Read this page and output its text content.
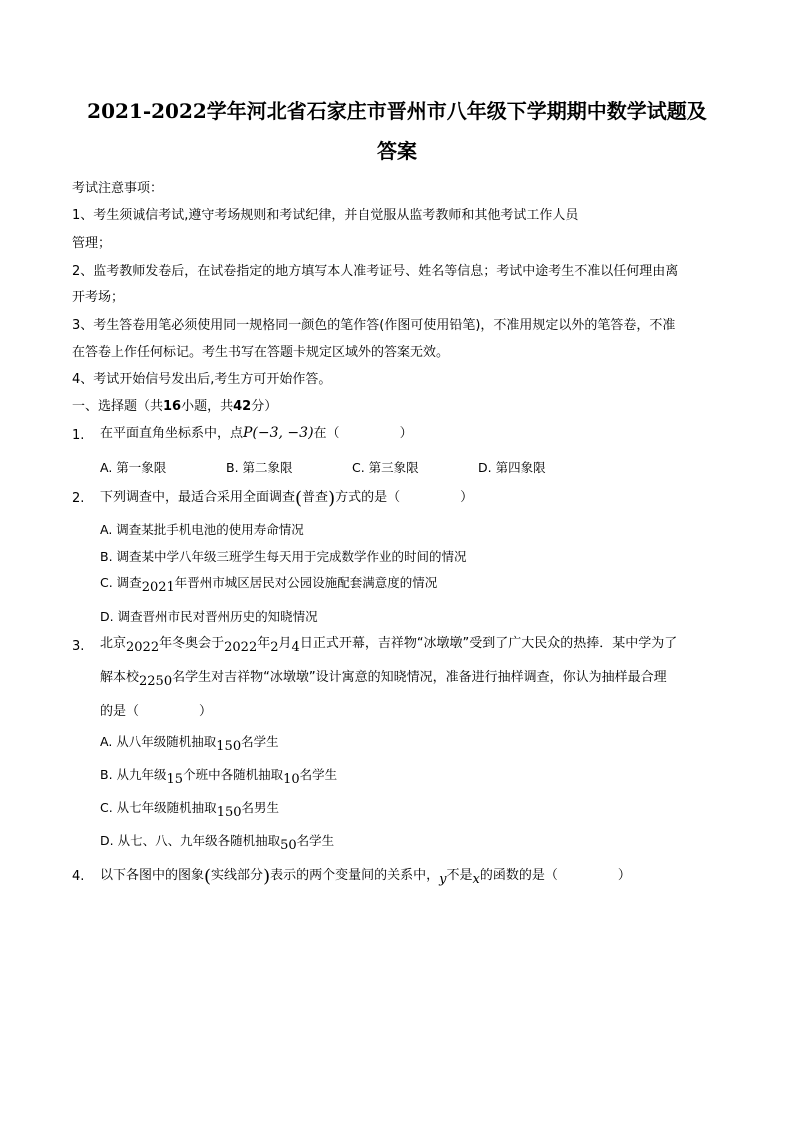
2021-2022学年河北省石家庄市晋州市八年级下学期期中数学试题及
答案
考试注意事项：
1、考生须诚信考试,遵守考场规则和考试纪律，并自觉服从监考教师和其他考试工作人员
管理；
2、监考教师发卷后，在试卷指定的地方填写本人准考证号、姓名等信息；考试中途考生不准以任何理由离
开考场；
3、考生答卷用笔必须使用同一规格同一颜色的笔作答(作图可使用铅笔)，不准用规定以外的笔答卷，不准
在答卷上作任何标记。考生书写在答题卡规定区域外的答案无效。
4、考试开始信号发出后,考生方可开始作答。
一、选择题（共16小题，共42分）
1. 在平面直角坐标系中，点P(−3, −3)在（	）
A. 第一象限	B. 第二象限	C. 第三象限	D. 第四象限
2. 下列调查中，最适合采用全面调查(普查)方式的是（	）
A. 调查某批手机电池的使用寿命情况
B. 调查某中学八年级三班学生每天用于完成数学作业的时间的情况
C. 调查2021年晋州市城区居民对公园设施配套满意度的情况
D. 调查晋州市民对晋州历史的知晓情况
3. 北京2022年冬奥会于2022年2月4日正式开幕，吉祥物“冰墩墩”受到了广大民众的热捧．某中学为了
解本校2250名学生对吉祥物“冰墩墩”设计寓意的知晓情况，准备进行抽样调查，你认为抽样最合理
的是（	）
A. 从八年级随机抽取150名学生
B. 从九年级15个班中各随机抽取10名学生
C. 从七年级随机抽取150名男生
D. 从七、八、九年级各随机抽取50名学生
4. 以下各图中的图象(实线部分)表示的两个变量间的关系中，y不是x的函数的是（	）
